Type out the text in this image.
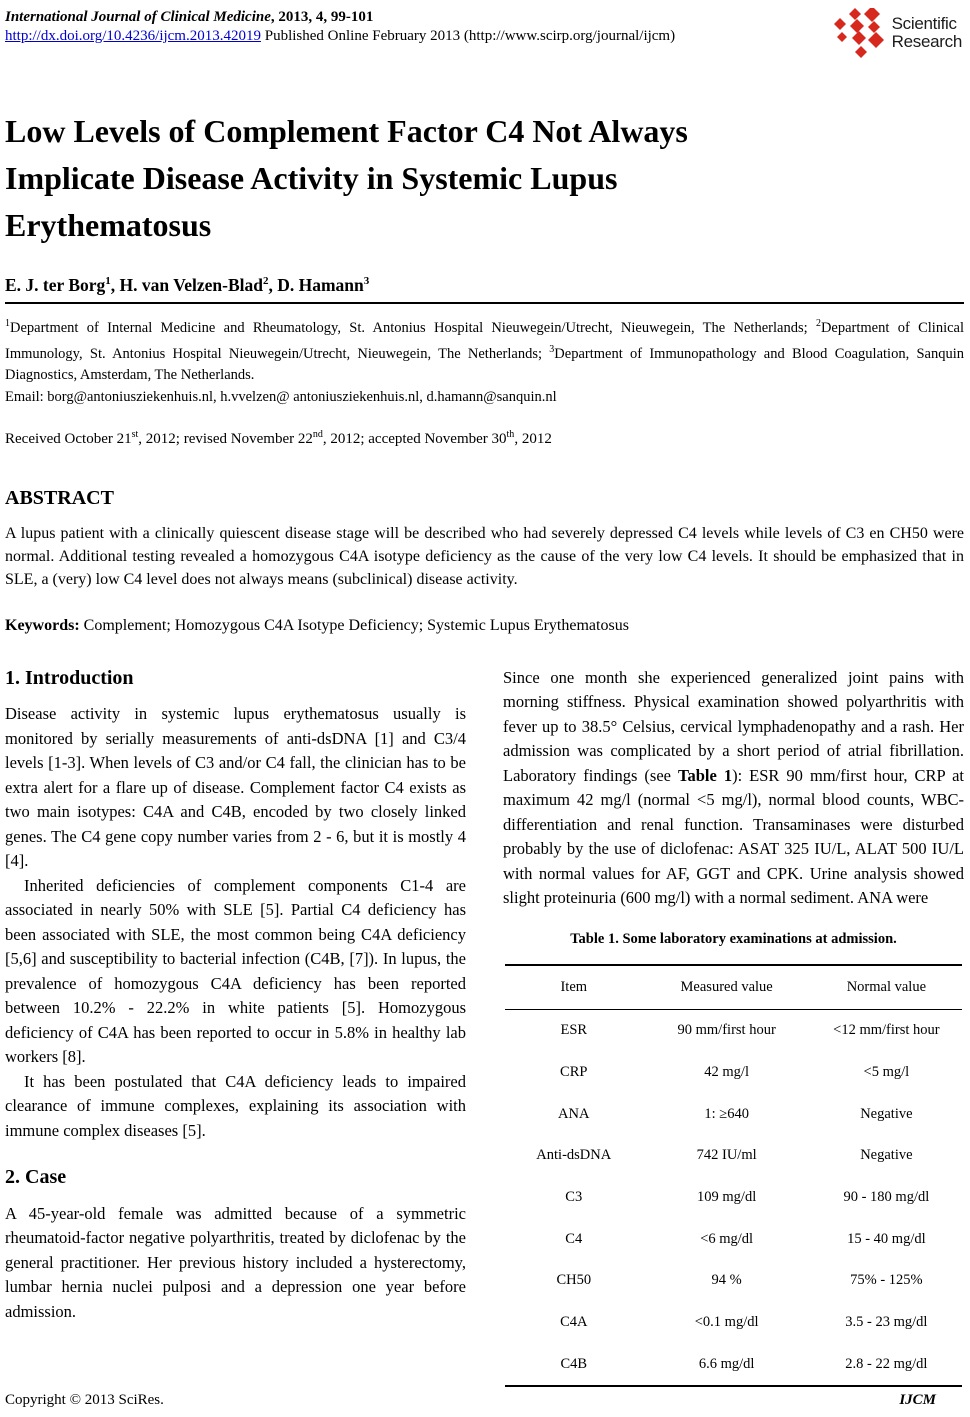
International Journal of Clinical Medicine, 2013, 4, 99-101
http://dx.doi.org/10.4236/ijcm.2013.42019 Published Online February 2013 (http://www.scirp.org/journal/ijcm)
Scientific
Research
Low Levels of Complement Factor C4 Not Always
Implicate Disease Activity in Systemic Lupus
Erythematosus
E. J. ter Borg$^1$, H. van Velzen-Blad$^2$, D. Hamann$^3$
$^1$Department of Internal Medicine and Rheumatology, St. Antonius Hospital Nieuwegein/Utrecht, Nieuwegein, The Netherlands; $^2$Department of Clinical Immunology, St. Antonius Hospital Nieuwegein/Utrecht, Nieuwegein, The Netherlands; $^3$Department of Immunopathology and Blood Coagulation, Sanquin Diagnostics, Amsterdam, The Netherlands.
Email: borg@antoniusziekenhuis.nl, h.vvelzen@ antoniusziekenhuis.nl, d.hamann@sanquin.nl
Received October 21st, 2012; revised November 22nd, 2012; accepted November 30th, 2012
ABSTRACT
A lupus patient with a clinically quiescent disease stage will be described who had severely depressed C4 levels while levels of C3 en CH50 were normal. Additional testing revealed a homozygous C4A isotype deficiency as the cause of the very low C4 levels. It should be emphasized that in SLE, a (very) low C4 level does not always means (subclinical) disease activity.
Keywords: Complement; Homozygous C4A Isotype Deficiency; Systemic Lupus Erythematosus
1. Introduction

Disease activity in systemic lupus erythematosus usually is monitored by serially measurements of anti-dsDNA [1] and C3/4 levels [1-3]. When levels of C3 and/or C4 fall, the clinician has to be extra alert for a flare up of disease. Complement factor C4 exists as two main isotypes: C4A and C4B, encoded by two closely linked genes. The C4 gene copy number varies from 2 - 6, but it is mostly 4 [4].

Inherited deficiencies of complement components C1-4 are associated in nearly 50% with SLE [5]. Partial C4 deficiency has been associated with SLE, the most common being C4A deficiency [5,6] and susceptibility to bacterial infection (C4B, [7]). In lupus, the prevalence of homozygous C4A deficiency has been reported between 10.2% - 22.2% in white patients [5]. Homozygous deficiency of C4A has been reported to occur in 5.8% in healthy lab workers [8].

It has been postulated that C4A deficiency leads to impaired clearance of immune complexes, explaining its association with immune complex diseases [5].

2. Case

A 45-year-old female was admitted because of a symmetric rheumatoid-factor negative polyarthritis, treated by diclofenac by the general practitioner. Her previous history included a hysterectomy, lumbar hernia nuclei pulposi and a depression one year before admission.

Since one month she experienced generalized joint pains with morning stiffness. Physical examination showed polyarthritis with fever up to 38.5° Celsius, cervical lymphadenopathy and a rash. Her admission was complicated by a short period of atrial fibrillation. Laboratory findings (see Table 1): ESR 90 mm/first hour, CRP at maximum 42 mg/l (normal <5 mg/l), normal blood counts, WBC-differentiation and renal function. Transaminases were disturbed probably by the use of diclofenac: ASAT 325 IU/L, ALAT 500 IU/L with normal values for AF, GGT and CPK. Urine analysis showed slight proteinuria (600 mg/l) with a normal sediment. ANA were

Table 1. Some laboratory examinations at admission.
Item	Measured value	Normal value
ESR	90 mm/first hour	<12 mm/first hour
CRP	42 mg/l	<5 mg/l
ANA	1: ≥640	Negative
Anti-dsDNA	742 IU/ml	Negative
C3	109 mg/dl	90 - 180 mg/dl
C4	<6 mg/dl	15 - 40 mg/dl
CH50	94 %	75% - 125%
C4A	<0.1 mg/dl	3.5 - 23 mg/dl
C4B	6.6 mg/dl	2.8 - 22 mg/dl
Copyright © 2013 SciRes.	IJCM
